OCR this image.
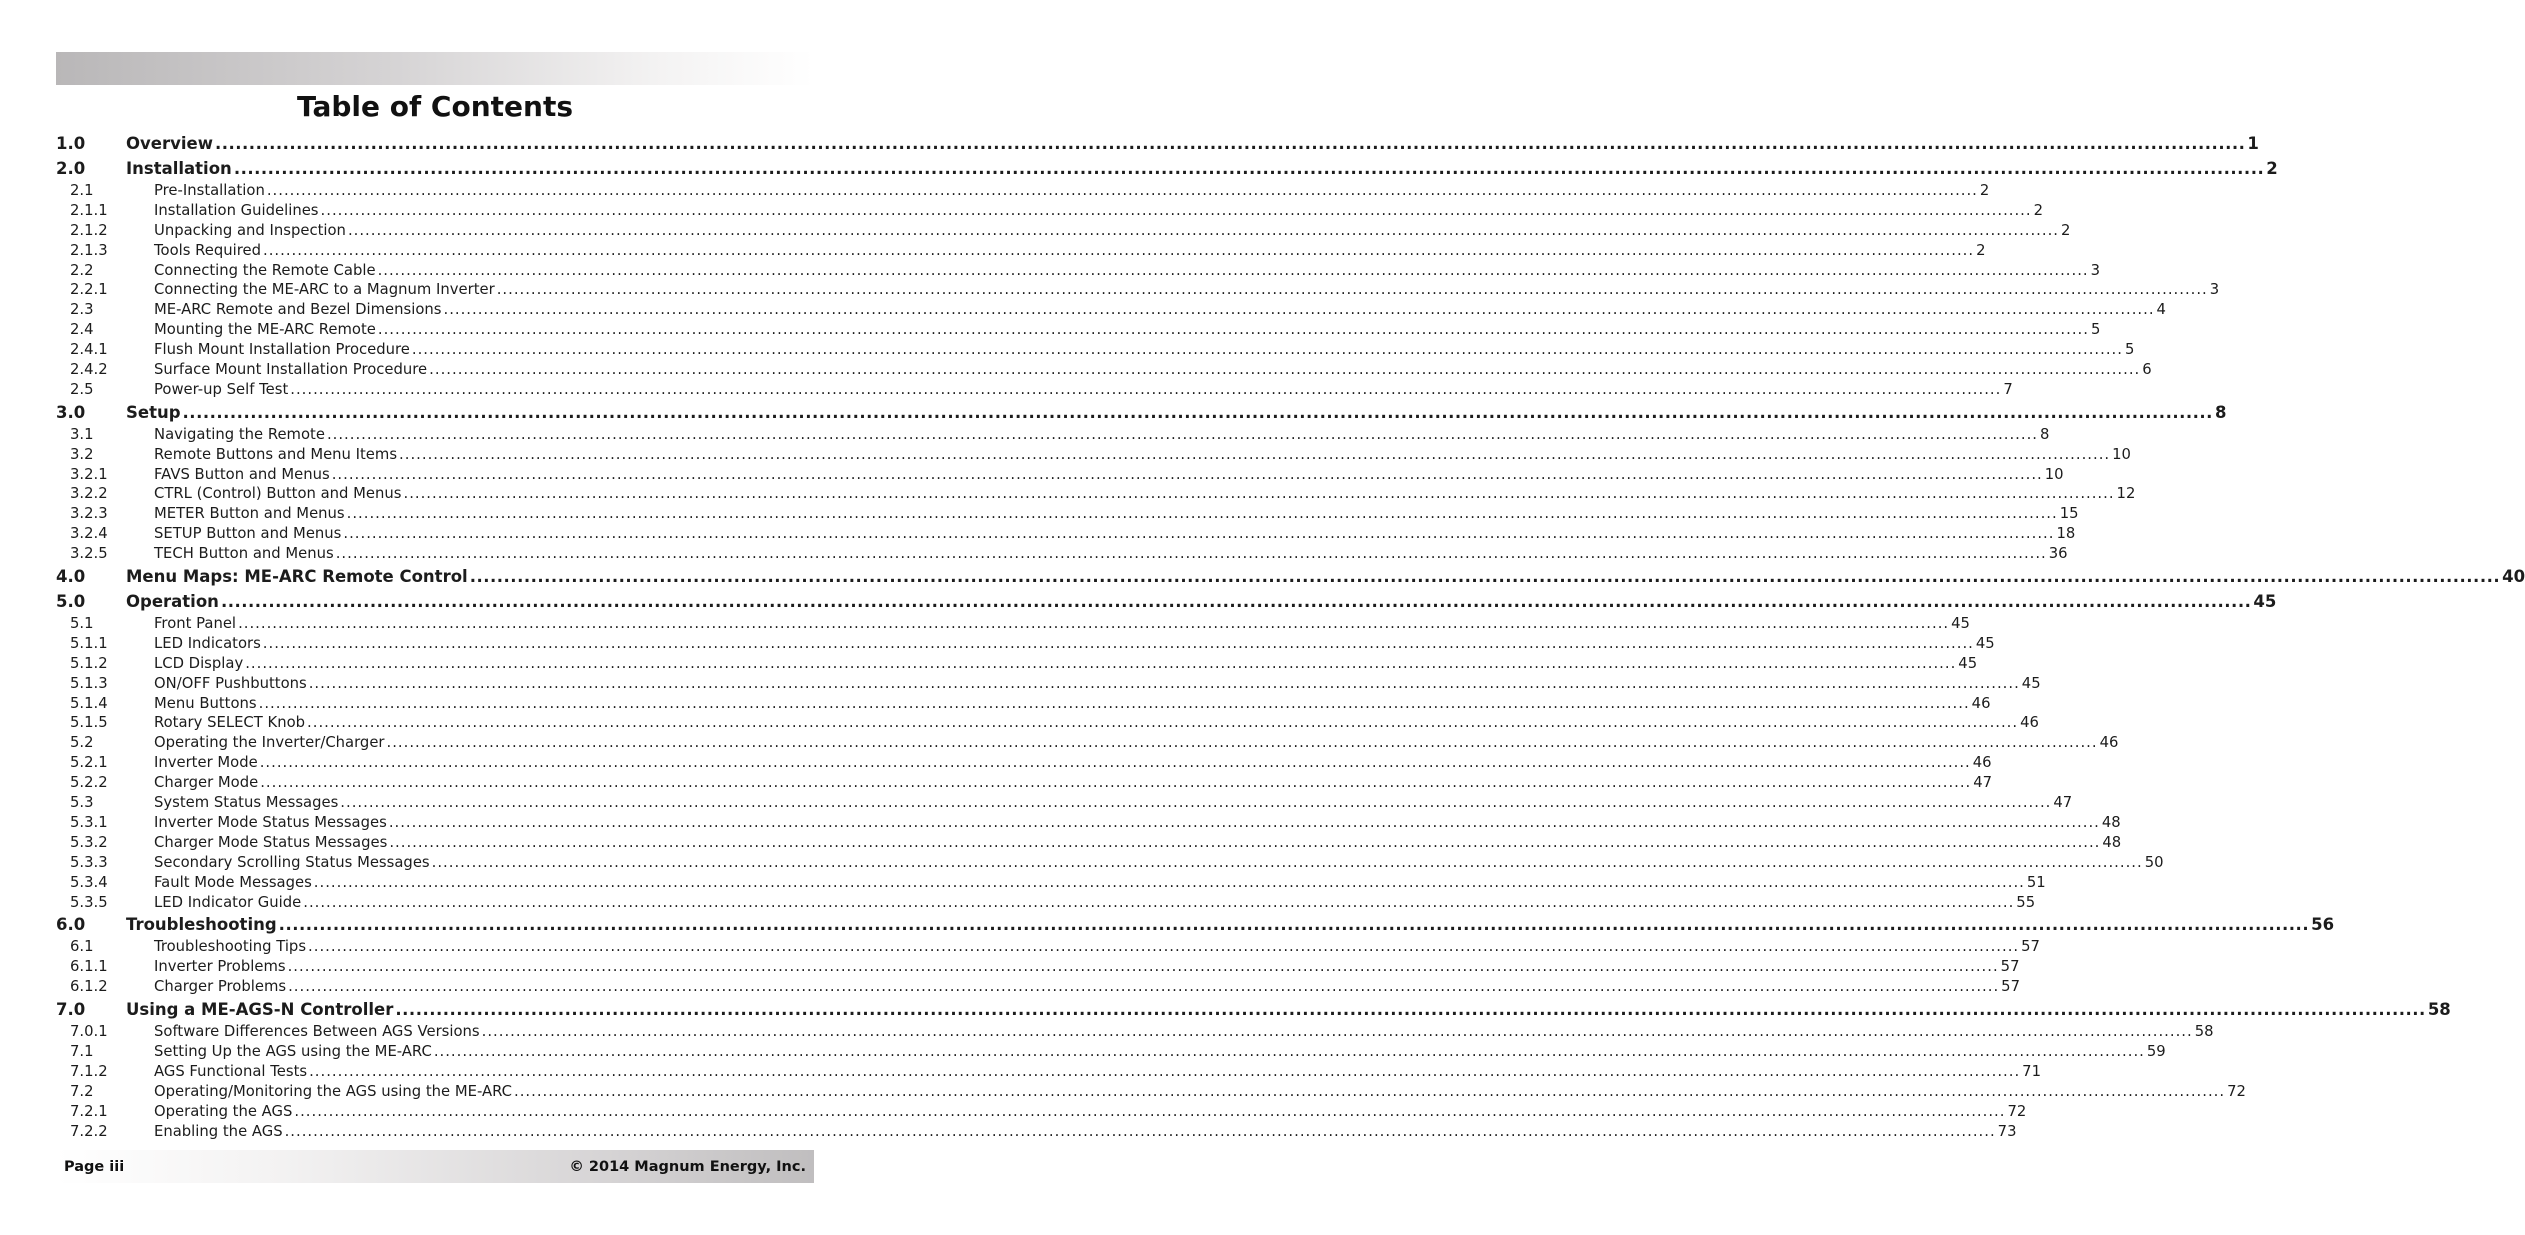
Table of Contents
1.0	Overview ............................................................................................................................................................................................................................................................................................................ 1
2.0	Installation ............................................................................................................................................................................................................................................................................................................ 2
2.1	Pre-Installation ............................................................................................................................................................................................................................................................................................................ 2
2.1.1	Installation Guidelines ............................................................................................................................................................................................................................................................................................................ 2
2.1.2	Unpacking and Inspection ............................................................................................................................................................................................................................................................................................................ 2
2.1.3	Tools Required ............................................................................................................................................................................................................................................................................................................ 2
2.2	Connecting the Remote Cable ............................................................................................................................................................................................................................................................................................................ 3
2.2.1	Connecting the ME-ARC to a Magnum Inverter ............................................................................................................................................................................................................................................................................................................ 3
2.3	ME-ARC Remote and Bezel Dimensions ............................................................................................................................................................................................................................................................................................................ 4
2.4	Mounting the ME-ARC Remote ............................................................................................................................................................................................................................................................................................................ 5
2.4.1	Flush Mount Installation Procedure ............................................................................................................................................................................................................................................................................................................ 5
2.4.2	Surface Mount Installation Procedure ............................................................................................................................................................................................................................................................................................................ 6
2.5	Power-up Self Test ............................................................................................................................................................................................................................................................................................................ 7
3.0	Setup ............................................................................................................................................................................................................................................................................................................ 8
3.1	Navigating the Remote ............................................................................................................................................................................................................................................................................................................ 8
3.2	Remote Buttons and Menu Items ............................................................................................................................................................................................................................................................................................................ 10
3.2.1	FAVS Button and Menus ............................................................................................................................................................................................................................................................................................................ 10
3.2.2	CTRL (Control) Button and Menus ............................................................................................................................................................................................................................................................................................................ 12
3.2.3	METER Button and Menus ............................................................................................................................................................................................................................................................................................................ 15
3.2.4	SETUP Button and Menus ............................................................................................................................................................................................................................................................................................................ 18
3.2.5	TECH Button and Menus ............................................................................................................................................................................................................................................................................................................ 36
4.0	Menu Maps: ME-ARC Remote Control ............................................................................................................................................................................................................................................................................................................ 40
5.0	Operation ............................................................................................................................................................................................................................................................................................................ 45
5.1	Front Panel ............................................................................................................................................................................................................................................................................................................ 45
5.1.1	LED Indicators ............................................................................................................................................................................................................................................................................................................ 45
5.1.2	LCD Display ............................................................................................................................................................................................................................................................................................................ 45
5.1.3	ON/OFF Pushbuttons ............................................................................................................................................................................................................................................................................................................ 45
5.1.4	Menu Buttons ............................................................................................................................................................................................................................................................................................................ 46
5.1.5	Rotary SELECT Knob ............................................................................................................................................................................................................................................................................................................ 46
5.2	Operating the Inverter/Charger ............................................................................................................................................................................................................................................................................................................ 46
5.2.1	Inverter Mode ............................................................................................................................................................................................................................................................................................................ 46
5.2.2	Charger Mode ............................................................................................................................................................................................................................................................................................................ 47
5.3	System Status Messages ............................................................................................................................................................................................................................................................................................................ 47
5.3.1	Inverter Mode Status Messages ............................................................................................................................................................................................................................................................................................................ 48
5.3.2	Charger Mode Status Messages ............................................................................................................................................................................................................................................................................................................ 48
5.3.3	Secondary Scrolling Status Messages ............................................................................................................................................................................................................................................................................................................ 50
5.3.4	Fault Mode Messages ............................................................................................................................................................................................................................................................................................................ 51
5.3.5	LED Indicator Guide ............................................................................................................................................................................................................................................................................................................ 55
6.0	Troubleshooting ............................................................................................................................................................................................................................................................................................................ 56
6.1	Troubleshooting Tips ............................................................................................................................................................................................................................................................................................................ 57
6.1.1	Inverter Problems ............................................................................................................................................................................................................................................................................................................ 57
6.1.2	Charger Problems ............................................................................................................................................................................................................................................................................................................ 57
7.0	Using a ME-AGS-N Controller ............................................................................................................................................................................................................................................................................................................ 58
7.0.1	Software Differences Between AGS Versions ............................................................................................................................................................................................................................................................................................................ 58
7.1	Setting Up the AGS using the ME-ARC ............................................................................................................................................................................................................................................................................................................ 59
7.1.2	AGS Functional Tests ............................................................................................................................................................................................................................................................................................................ 71
7.2	Operating/Monitoring the AGS using the ME-ARC ............................................................................................................................................................................................................................................................................................................ 72
7.2.1	Operating the AGS ............................................................................................................................................................................................................................................................................................................ 72
7.2.2	Enabling the AGS ............................................................................................................................................................................................................................................................................................................ 73
Page iii	© 2014 Magnum Energy, Inc.
